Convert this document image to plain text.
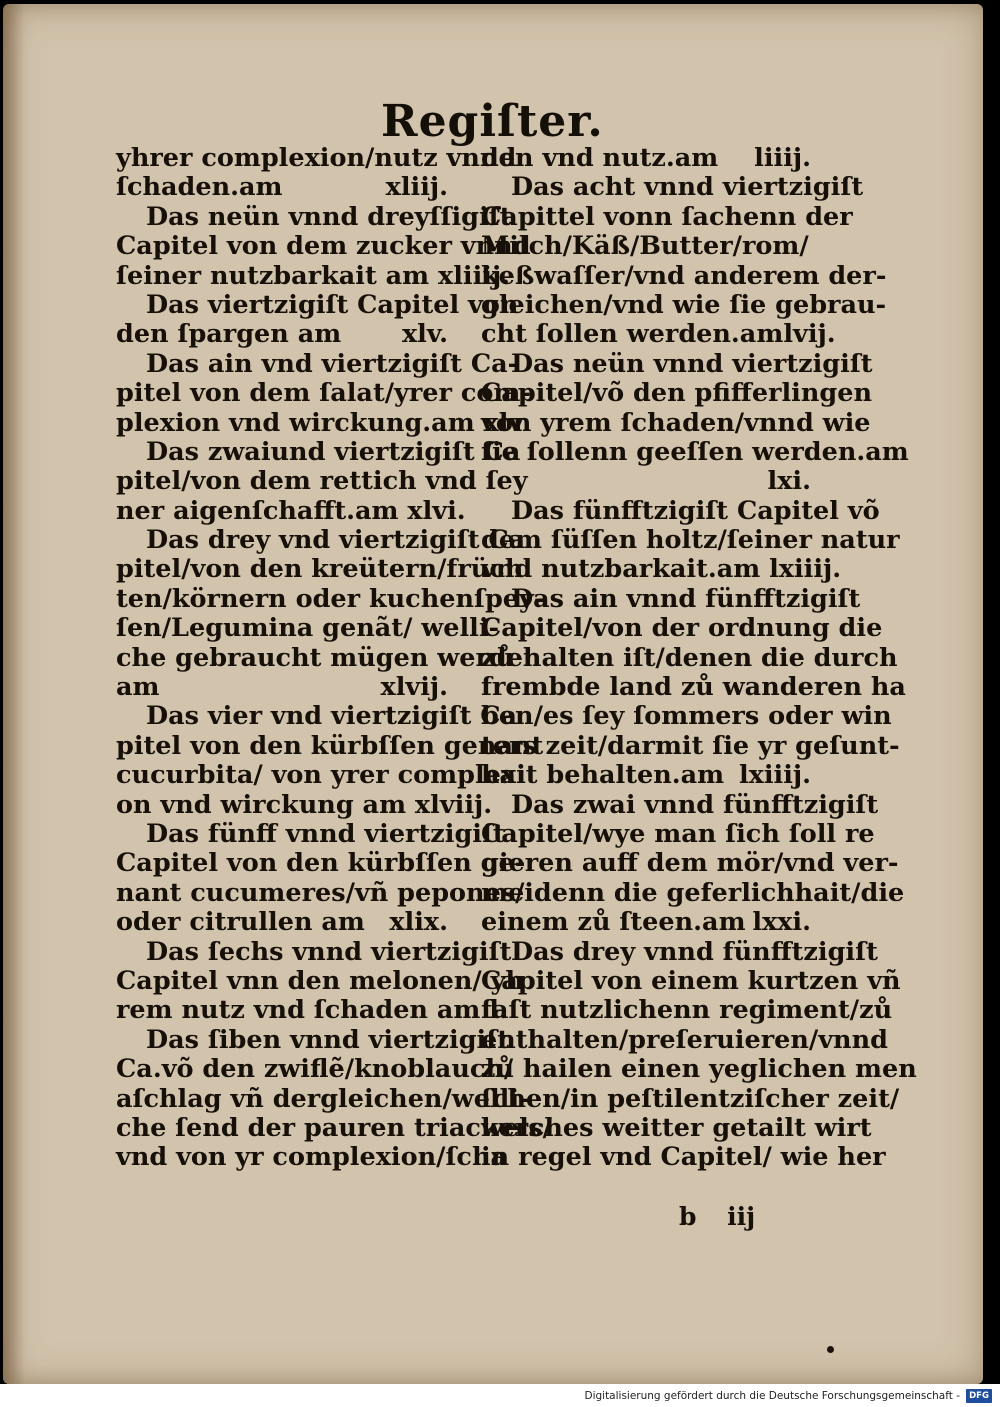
Regiſter.
yhrer complexion/nutz vnnd
ſchaden.am	xliij.
Das neün vnnd dreyſſigiſt
Capitel von dem zucker vnnd
ſeiner nutzbarkait am xliiij.
Das viertzigiſt Capitel von
den ſpargen am xlv.
Das ain vnd viertzigiſt Ca-
pitel von dem ſalat/yrer com-
plexion vnd wirckung.am xlv
Das zwaiund viertzigiſt Ca
pitel/von dem rettich vnd ſey
ner aigenſchafft.am xlvi.
Das drey vnd viertzigiſt Ca
pitel/von den kreütern/früch
ten/körnern oder kuchenſpey-
ſen/Legumina genãt/ welli-
che gebraucht mügen werden
am	xlvij.
Das vier vnd viertzigiſt Ca
pitel von den kürbſſen genant
cucurbita/ von yrer complexi
on vnd wirckung am xlviij.
Das fünff vnnd viertzigiſt
Capitel von den kürbſſen ge-
nant cucumeres/vñ pepones/
oder citrullen am xlix.
Das ſechs vnnd viertzigiſt
Capitel vnn den melonen/ yh
rem nutz vnd ſchaden am l.
Das ſiben vnnd viertzigiſt
Ca.võ den zwiflẽ/knoblauch/
aſchlag vñ dergleichen/welli-
che ſend der pauren triackers/
vnd von yr complexion/ſcha
den vnd nutz.am liiij.
Das acht vnnd viertzigiſt
Capittel vonn ſachenn der
Milch/Käß/Butter/rom/
keßwaſſer/vnd anderem der-
gleichen/vnd wie ſie gebrau-
cht ſollen werden.am lvij.
Das neün vnnd viertzigiſt
Capitel/võ den pfifferlingen
von yrem ſchaden/vnnd wie
ſie ſollenn geeſſen werden.am
lxi.
Das fünfftzigiſt Capitel võ
dem ſüſſen holtz/ſeiner natur
vnd nutzbarkait.am lxiiij.
Das ain vnnd fünfftzigiſt
Capitel/von der ordnung die
zů halten iſt/denen die durch
frembde land zů wanderen ha
ben/es ſey ſommers oder win
ters zeit/darmit ſie yr geſunt-
hait behalten.am lxiiij.
Das zwai vnnd fünfftzigiſt
Capitel/wye man ſich ſoll re
gieren auff dem mör/vnd ver-
meidenn die geferlichhait/die
einem zů ſteen.am lxxi.
Das drey vnnd fünfftzigiſt
Capitel von einem kurtzen vñ
faſt nutzlichenn regiment/zů
enthalten/preſeruieren/vnnd
zů hailen einen yeglichen men
ſchen/in peſtilentziſcher zeit/
welches weitter getailt wirt
in regel vnd Capitel/ wie her
b iij
Digitalisierung gefördert durch die Deutsche Forschungsgemeinschaft -	DFG
